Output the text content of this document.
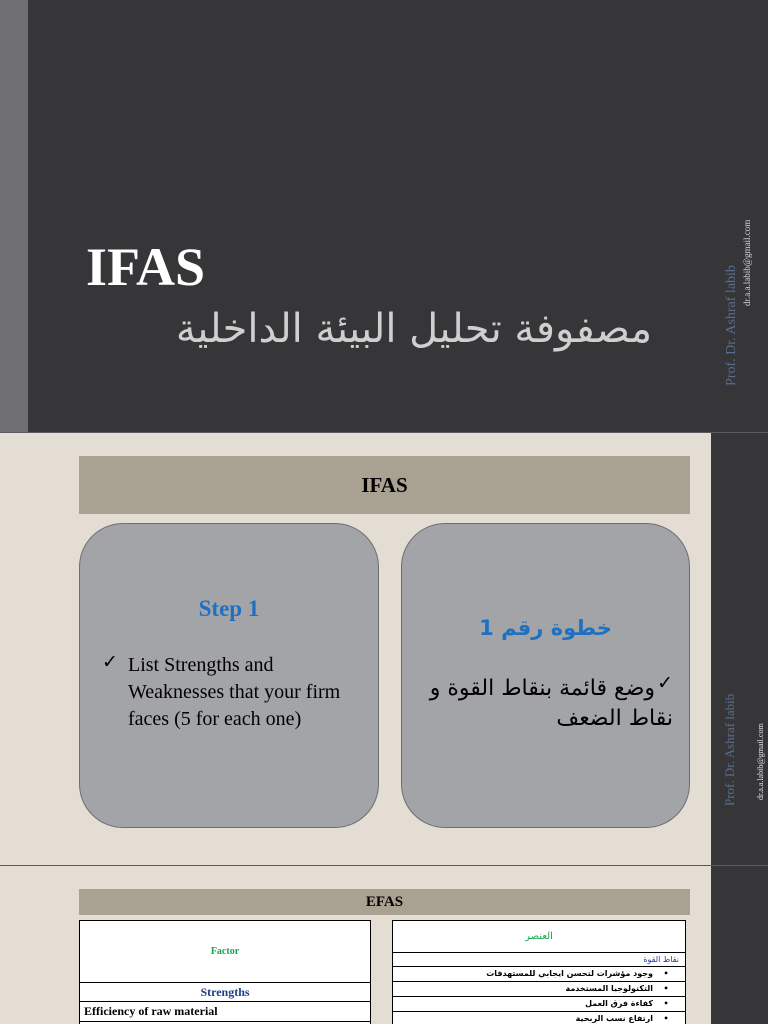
IFAS
مصفوفة تحليل البيئة الداخلية	Prof. Dr. Ashraf labib
dr.a.a.labib@gmail.com
IFAS
Step 1
✓ List Strengths and Weaknesses that your firm faces (5 for each one)
خطوة رقم 1
✓
وضع قائمة بنقاط القوة و نقاط الضعف	Prof. Dr. Ashraf labib dr.a.a.labib@gmail.com
EFAS
Factor
Strengths
Efficiency of raw material
العنصر
نقاط القوة
•وجود مؤشرات لتحسن ايجابي للمستهدفات
•التكنولوجيا المستخدمة
•كفاءة فرق العمل
•ارتفاع نسب الربحية
